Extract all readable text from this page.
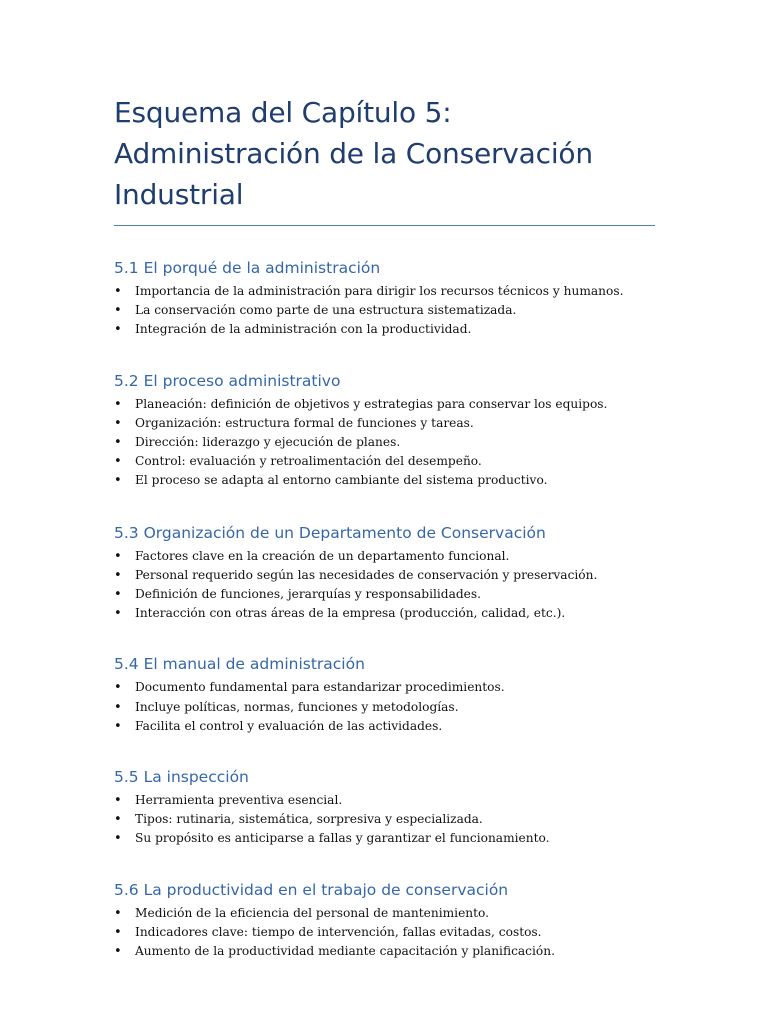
Esquema del Capítulo 5: Administración de la Conservación Industrial
5.1 El porqué de la administración
• Importancia de la administración para dirigir los recursos técnicos y humanos.
• La conservación como parte de una estructura sistematizada.
• Integración de la administración con la productividad.
5.2 El proceso administrativo
• Planeación: definición de objetivos y estrategias para conservar los equipos.
• Organización: estructura formal de funciones y tareas.
• Dirección: liderazgo y ejecución de planes.
• Control: evaluación y retroalimentación del desempeño.
• El proceso se adapta al entorno cambiante del sistema productivo.
5.3 Organización de un Departamento de Conservación
• Factores clave en la creación de un departamento funcional.
• Personal requerido según las necesidades de conservación y preservación.
• Definición de funciones, jerarquías y responsabilidades.
• Interacción con otras áreas de la empresa (producción, calidad, etc.).
5.4 El manual de administración
• Documento fundamental para estandarizar procedimientos.
• Incluye políticas, normas, funciones y metodologías.
• Facilita el control y evaluación de las actividades.
5.5 La inspección
• Herramienta preventiva esencial.
• Tipos: rutinaria, sistemática, sorpresiva y especializada.
• Su propósito es anticiparse a fallas y garantizar el funcionamiento.
5.6 La productividad en el trabajo de conservación
• Medición de la eficiencia del personal de mantenimiento.
• Indicadores clave: tiempo de intervención, fallas evitadas, costos.
• Aumento de la productividad mediante capacitación y planificación.
